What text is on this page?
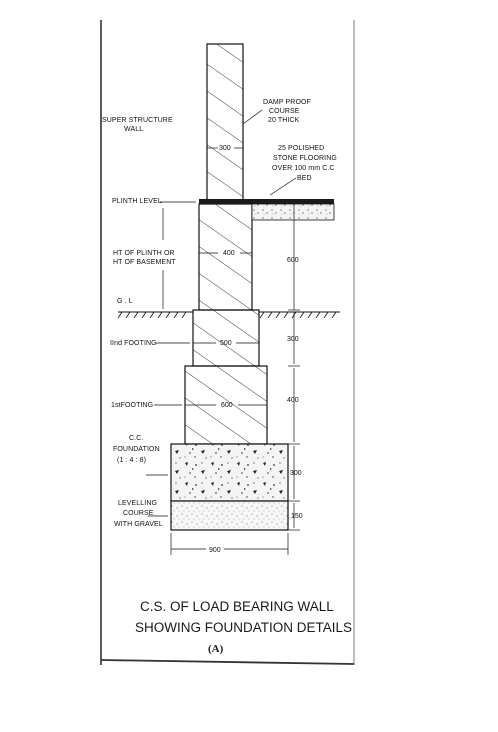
SUPER STRUCTURE
WALL
PLINTH LEVEL
HT OF PLINTH OR
HT OF BASEMENT
G . L
IInd FOOTING
1stFOOTING
C.C.
FOUNDATION
(1 : 4 : 8)
LEVELLING
COURSE
WITH GRAVEL
DAMP PROOF
COURSE
20 THICK
25 POLISHED
STONE FLOORING
OVER 100 mm C.C
BED
300
400
500
600
900
600
300
400
300
150
C.S. OF LOAD BEARING WALL
SHOWING FOUNDATION DETAILS
(A)
